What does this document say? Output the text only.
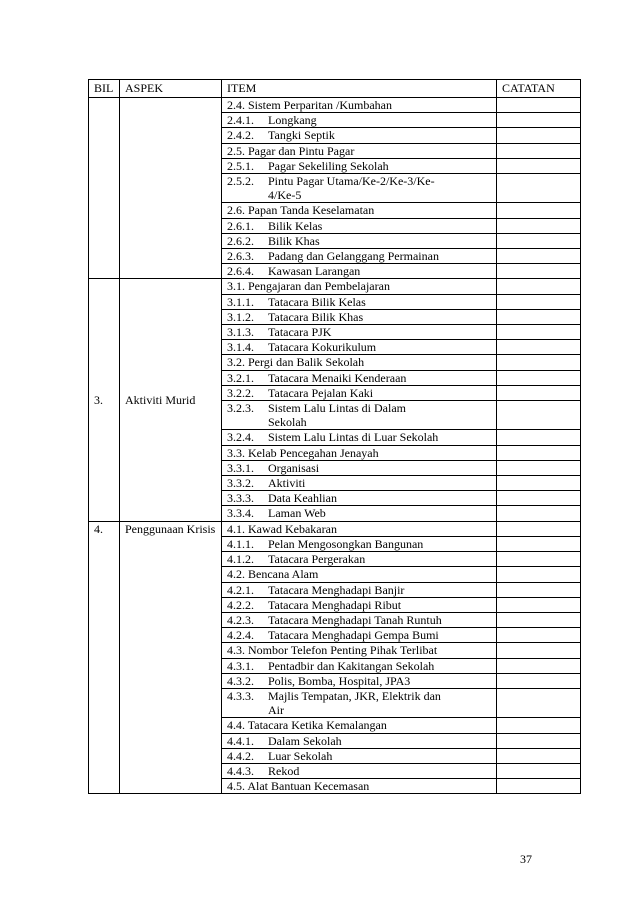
BIL	ASPEK	ITEM	CATATAN
		2.4. Sistem Perparitan /Kumbahan	
		2.4.1. Longkang	
		2.4.2. Tangki Septik	
		2.5. Pagar dan Pintu Pagar	
		2.5.1. Pagar Sekeliling Sekolah	
		2.5.2. Pintu Pagar Utama/Ke-2/Ke-3/Ke-
4/Ke-5	

		2.6. Papan Tanda Keselamatan	
		2.6.1. Bilik Kelas	
		2.6.2. Bilik Khas	
		2.6.3. Padang dan Gelanggang Permainan	
		2.6.4. Kawasan Larangan	
3.	Aktiviti Murid	3.1. Pengajaran dan Pembelajaran	
		3.1.1. Tatacara Bilik Kelas	
		3.1.2. Tatacara Bilik Khas	
		3.1.3. Tatacara PJK	
		3.1.4. Tatacara Kokurikulum	
		3.2. Pergi dan Balik Sekolah	
		3.2.1. Tatacara Menaiki Kenderaan	
		3.2.2. Tatacara Pejalan Kaki	
		3.2.3. Sistem Lalu Lintas di Dalam
Sekolah	

		3.2.4. Sistem Lalu Lintas di Luar Sekolah	
		3.3. Kelab Pencegahan Jenayah	
		3.3.1. Organisasi	
		3.3.2. Aktiviti	
		3.3.3. Data Keahlian	
		3.3.4. Laman Web	
4.	Penggunaan Krisis	4.1. Kawad Kebakaran	
		4.1.1. Pelan Mengosongkan Bangunan	
		4.1.2. Tatacara Pergerakan	
		4.2. Bencana Alam	
		4.2.1. Tatacara Menghadapi Banjir	
		4.2.2. Tatacara Menghadapi Ribut	
		4.2.3. Tatacara Menghadapi Tanah Runtuh	
		4.2.4. Tatacara Menghadapi Gempa Bumi	
		4.3. Nombor Telefon Penting Pihak Terlibat	
		4.3.1. Pentadbir dan Kakitangan Sekolah	
		4.3.2. Polis, Bomba, Hospital, JPA3	
		4.3.3. Majlis Tempatan, JKR, Elektrik dan
Air	

		4.4. Tatacara Ketika Kemalangan	
		4.4.1. Dalam Sekolah	
		4.4.2. Luar Sekolah	
		4.4.3. Rekod	
		4.5. Alat Bantuan Kecemasan	
37
